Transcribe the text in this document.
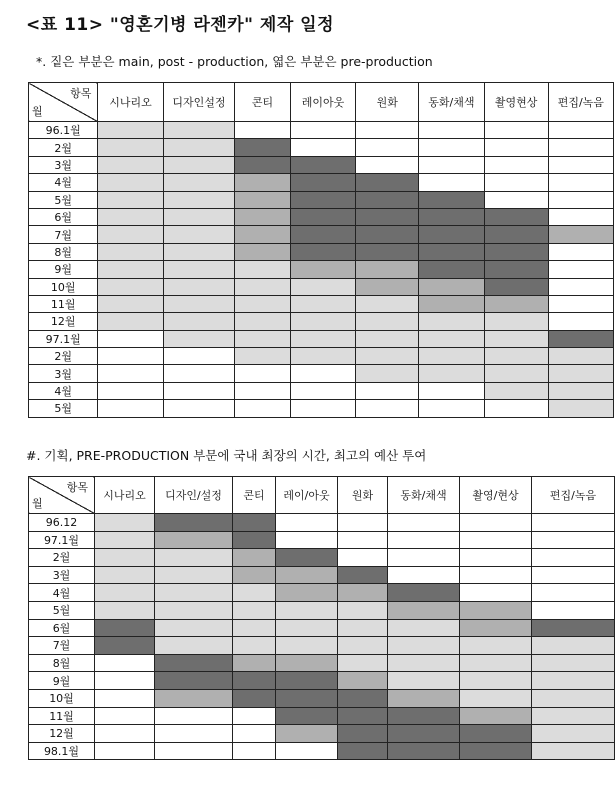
<표 11> "영혼기병 라젠카" 제작 일정
*. 짙은 부분은 main, post - production, 엷은 부분은 pre-production
항목
월	시나리오	디자인설정	콘티	레이아웃	원화	동화/채색	촬영현상	편집/녹음
96.1월								
2월								
3월								
4월								
5월								
6월								
7월								
8월								
9월								
10월								
11월								
12월								
97.1월								
2월								
3월								
4월								
5월								
#. 기획, PRE-PRODUCTION 부문에 국내 최장의 시간, 최고의 예산 투여
항목
월	시나리오	디자인/설정	콘티	레이/아웃	원화	동화/채색	촬영/현상	편집/녹음
96.12								
97.1월								
2월								
3월								
4월								
5월								
6월								
7월								
8월								
9월								
10월								
11월								
12월								
98.1월								
